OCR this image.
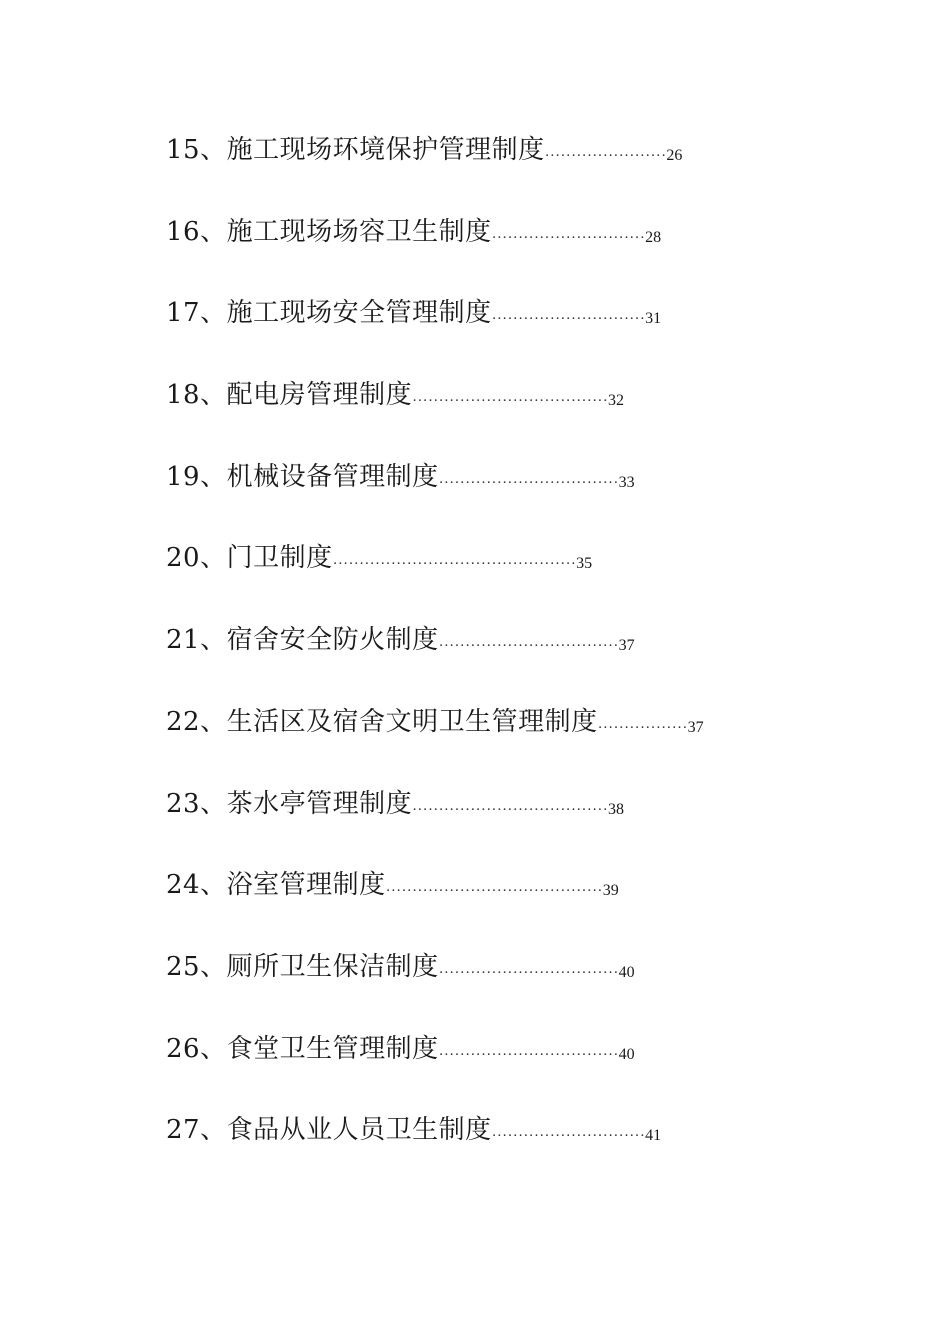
15、施工现场环境保护管理制度 ······················· 26
16、施工现场场容卫生制度 ····························· 28
17、施工现场安全管理制度 ····························· 31
18、配电房管理制度 ····································· 32
19、机械设备管理制度 ·································· 33
20、门卫制度 ·············································· 35
21、宿舍安全防火制度 ·································· 37
22、生活区及宿舍文明卫生管理制度 ················· 37
23、茶水亭管理制度 ····································· 38
24、浴室管理制度 ········································· 39
25、厕所卫生保洁制度 ·································· 40
26、食堂卫生管理制度 ·································· 40
27、食品从业人员卫生制度 ····························· 41
